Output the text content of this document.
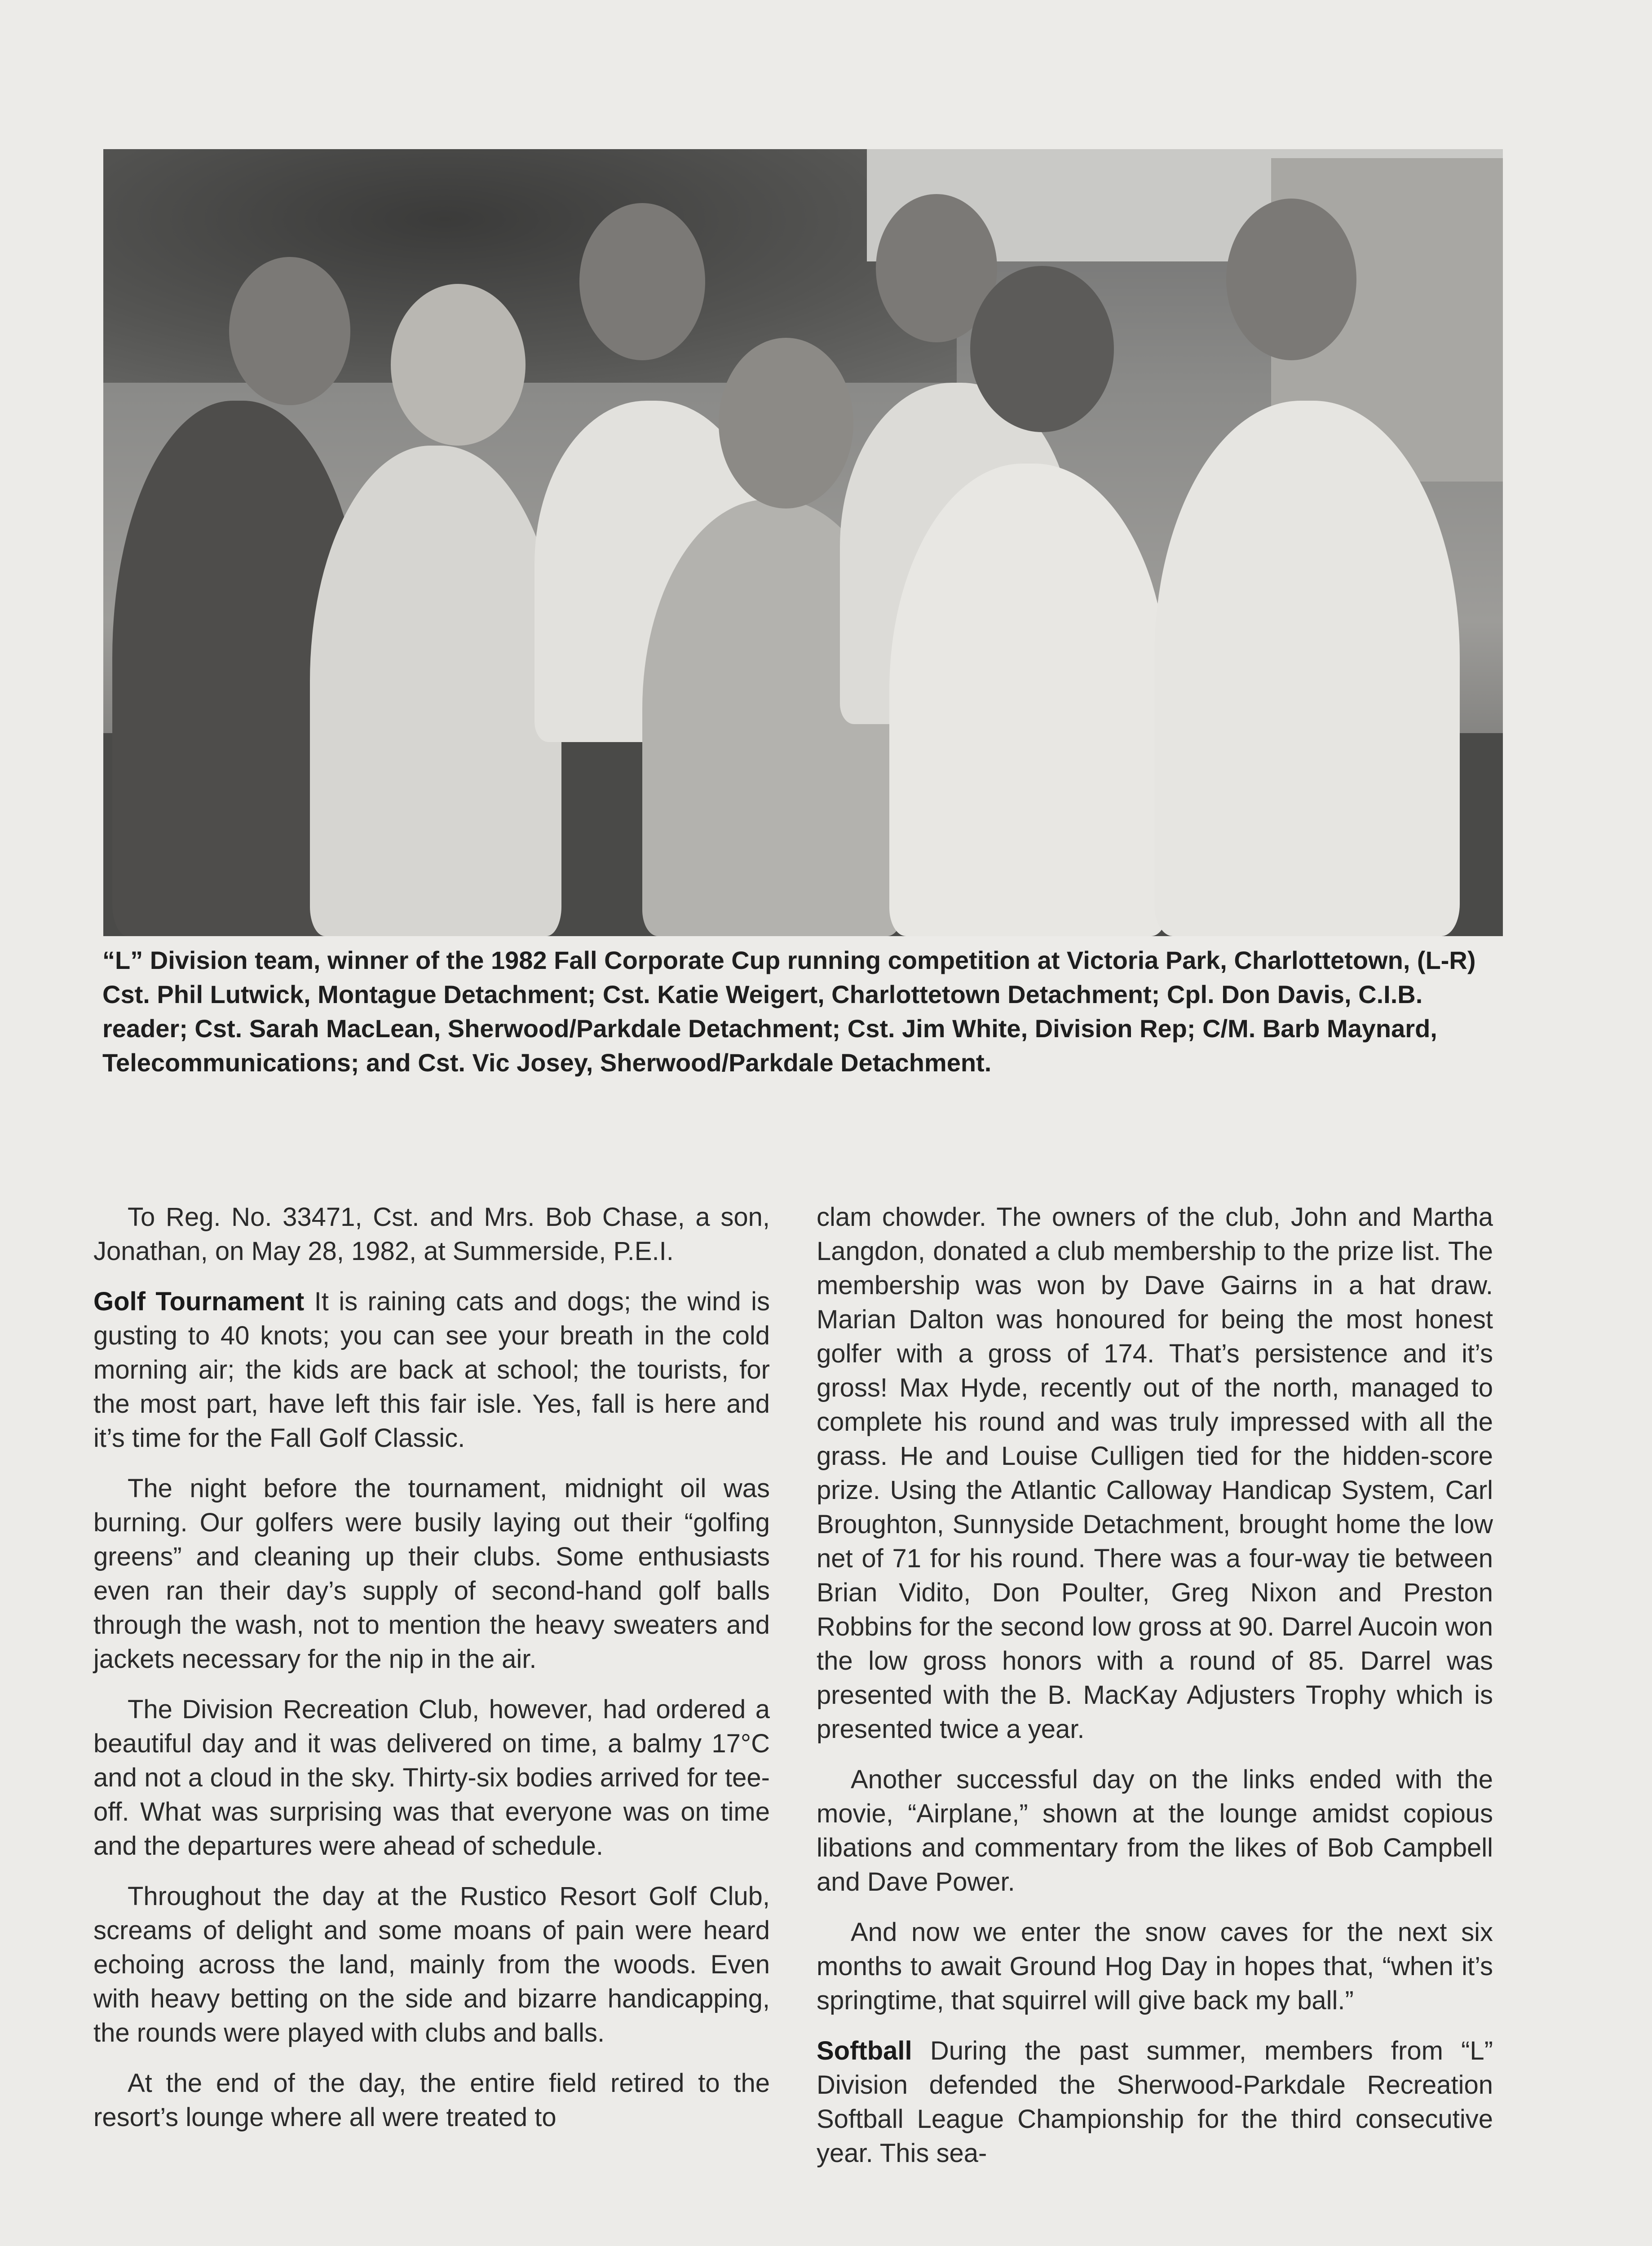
“L” Division team, winner of the 1982 Fall Corporate Cup running competition at Victoria Park, Charlottetown, (L-R) Cst. Phil Lutwick, Montague Detachment; Cst. Katie Weigert, Charlottetown Detachment; Cpl. Don Davis, C.I.B. reader; Cst. Sarah MacLean, Sherwood/Parkdale Detachment; Cst. Jim White, Division Rep; C/M. Barb Maynard, Telecommunications; and Cst. Vic Josey, Sherwood/Parkdale Detachment.

To Reg. No. 33471, Cst. and Mrs. Bob Chase, a son, Jonathan, on May 28, 1982, at Summerside, P.E.I.

Golf Tournament It is raining cats and dogs; the wind is gusting to 40 knots; you can see your breath in the cold morning air; the kids are back at school; the tourists, for the most part, have left this fair isle. Yes, fall is here and it’s time for the Fall Golf Classic.

The night before the tournament, midnight oil was burning. Our golfers were busily laying out their “golfing greens” and cleaning up their clubs. Some enthusiasts even ran their day’s supply of second-hand golf balls through the wash, not to mention the heavy sweaters and jackets necessary for the nip in the air.

The Division Recreation Club, however, had ordered a beautiful day and it was delivered on time, a balmy 17°C and not a cloud in the sky. Thirty-six bodies arrived for tee-off. What was surprising was that everyone was on time and the departures were ahead of schedule.

Throughout the day at the Rustico Resort Golf Club, screams of delight and some moans of pain were heard echoing across the land, mainly from the woods. Even with heavy betting on the side and bizarre handicapping, the rounds were played with clubs and balls.

At the end of the day, the entire field retired to the resort’s lounge where all were treated to

clam chowder. The owners of the club, John and Martha Langdon, donated a club membership to the prize list. The membership was won by Dave Gairns in a hat draw. Marian Dalton was honoured for being the most honest golfer with a gross of 174. That’s persistence and it’s gross! Max Hyde, recently out of the north, managed to complete his round and was truly impressed with all the grass. He and Louise Culligen tied for the hidden-score prize. Using the Atlantic Calloway Handicap System, Carl Broughton, Sunnyside Detachment, brought home the low net of 71 for his round. There was a four-way tie between Brian Vidito, Don Poulter, Greg Nixon and Preston Robbins for the second low gross at 90. Darrel Aucoin won the low gross honors with a round of 85. Darrel was presented with the B. MacKay Adjusters Trophy which is presented twice a year.

Another successful day on the links ended with the movie, “Airplane,” shown at the lounge amidst copious libations and commentary from the likes of Bob Campbell and Dave Power.

And now we enter the snow caves for the next six months to await Ground Hog Day in hopes that, “when it’s springtime, that squirrel will give back my ball.”

Softball During the past summer, members from “L” Division defended the Sherwood-Parkdale Recreation Softball League Championship for the third consecutive year. This sea-
